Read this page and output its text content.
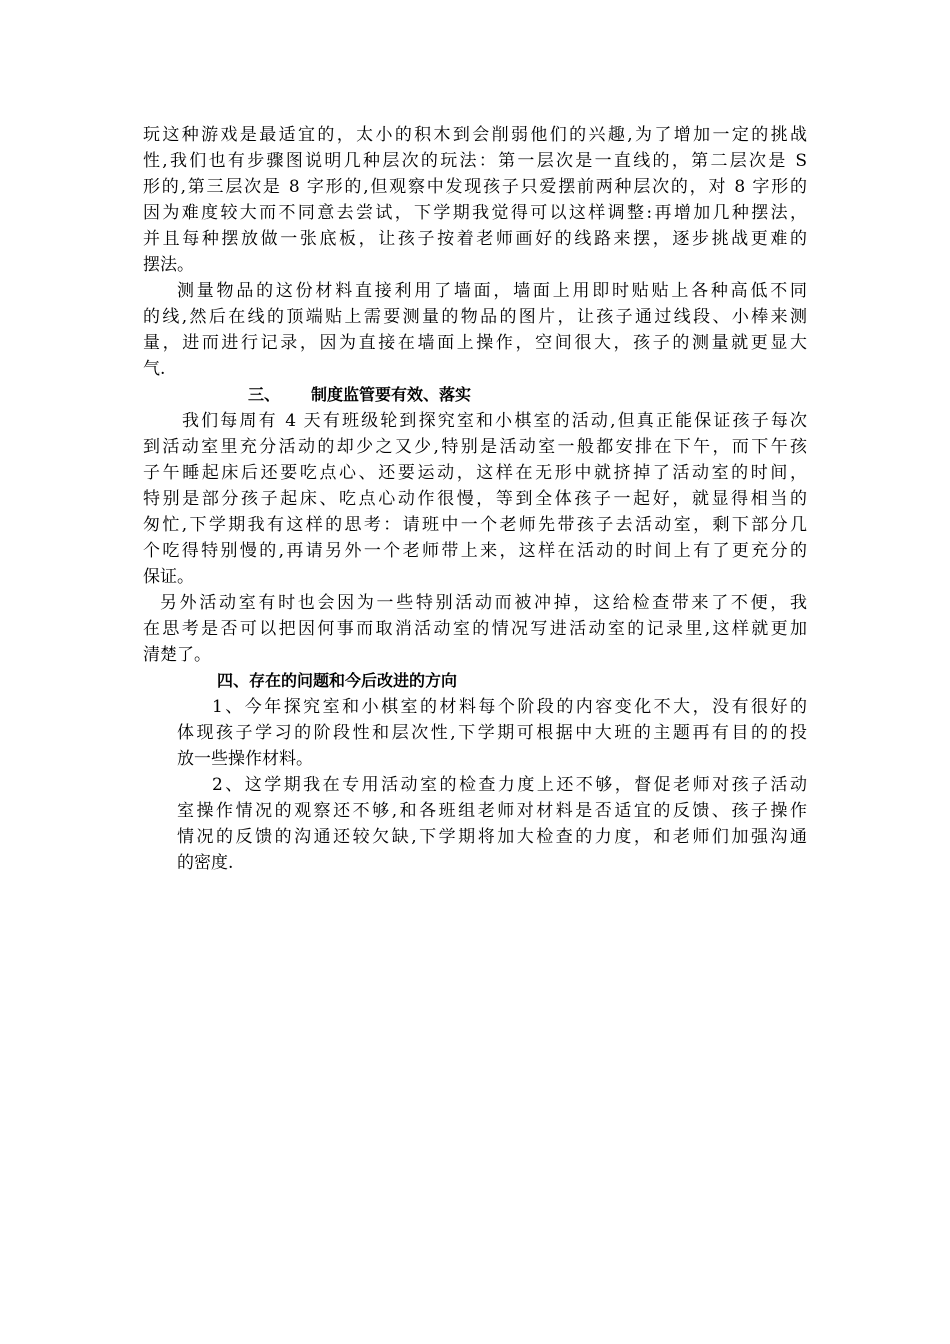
玩这种游戏是最适宜的，太小的积木到会削弱他们的兴趣,为了增加一定的挑战
性,我们也有步骤图说明几种层次的玩法：第一层次是一直线的，第二层次是 S
形的,第三层次是 8 字形的,但观察中发现孩子只爱摆前两种层次的，对 8 字形的
因为难度较大而不同意去尝试，下学期我觉得可以这样调整:再增加几种摆法，
并且每种摆放做一张底板，让孩子按着老师画好的线路来摆，逐步挑战更难的
摆法。
测量物品的这份材料直接利用了墙面，墙面上用即时贴贴上各种高低不同
的线,然后在线的顶端贴上需要测量的物品的图片，让孩子通过线段、小棒来测
量，进而进行记录，因为直接在墙面上操作，空间很大，孩子的测量就更显大
气.
三、 制度监管要有效、落实
我们每周有 4 天有班级轮到探究室和小棋室的活动,但真正能保证孩子每次
到活动室里充分活动的却少之又少,特别是活动室一般都安排在下午，而下午孩
子午睡起床后还要吃点心、还要运动，这样在无形中就挤掉了活动室的时间，
特别是部分孩子起床、吃点心动作很慢，等到全体孩子一起好，就显得相当的
匆忙,下学期我有这样的思考：请班中一个老师先带孩子去活动室，剩下部分几
个吃得特别慢的,再请另外一个老师带上来，这样在活动的时间上有了更充分的
保证。
另外活动室有时也会因为一些特别活动而被冲掉，这给检查带来了不便，我
在思考是否可以把因何事而取消活动室的情况写进活动室的记录里,这样就更加
清楚了。
四、存在的问题和今后改进的方向
1、今年探究室和小棋室的材料每个阶段的内容变化不大，没有很好的
体现孩子学习的阶段性和层次性,下学期可根据中大班的主题再有目的的投
放一些操作材料。
2、这学期我在专用活动室的检查力度上还不够，督促老师对孩子活动
室操作情况的观察还不够,和各班组老师对材料是否适宜的反馈、孩子操作
情况的反馈的沟通还较欠缺,下学期将加大检查的力度，和老师们加强沟通
的密度.
